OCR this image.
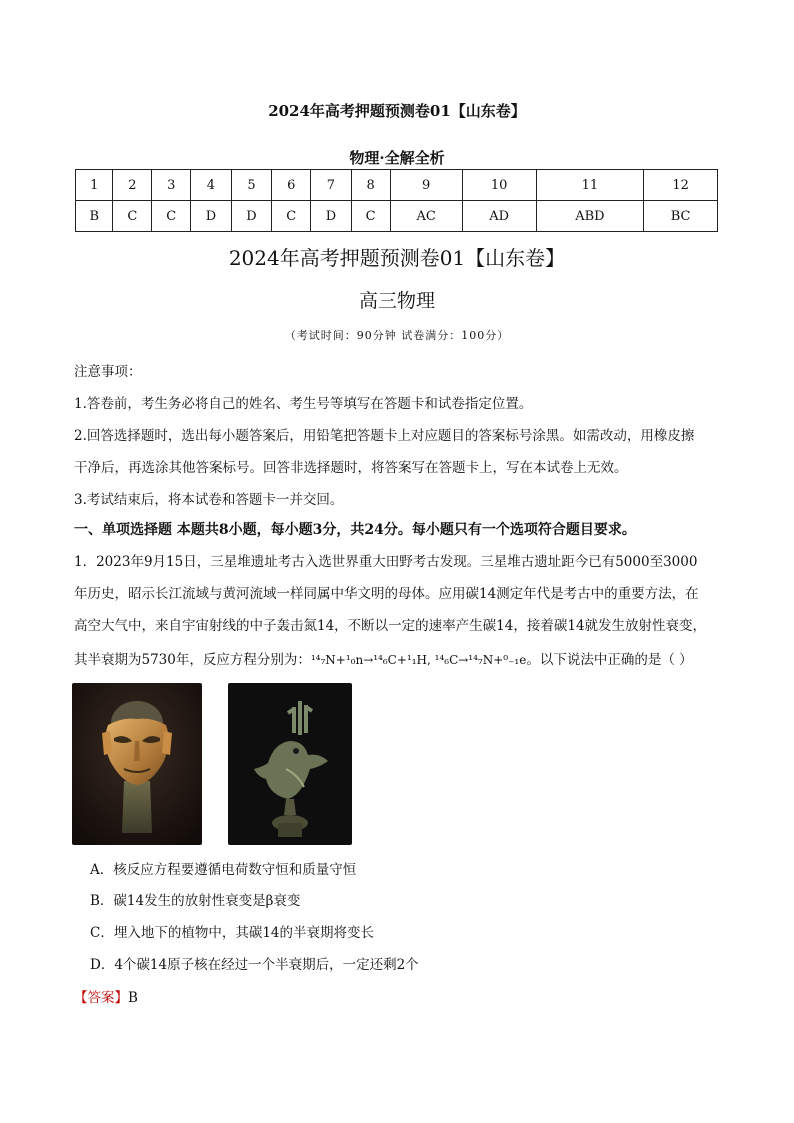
2024年高考押题预测卷01【山东卷】
物理·全解全析
1	2	3	4	5	6	7	8	9	10	11	12
B	C	C	D	D	C	D	C	AC	AD	ABD	BC
2024年高考押题预测卷01【山东卷】
高三物理
（考试时间：90分钟 试卷满分：100分）
注意事项：
1.答卷前，考生务必将自己的姓名、考生号等填写在答题卡和试卷指定位置。
2.回答选择题时，选出每小题答案后，用铅笔把答题卡上对应题目的答案标号涂黑。如需改动，用橡皮擦
干净后，再选涂其他答案标号。回答非选择题时，将答案写在答题卡上，写在本试卷上无效。
3.考试结束后，将本试卷和答题卡一并交回。
一、单项选择题 本题共8小题，每小题3分，共24分。每小题只有一个选项符合题目要求。
1．2023年9月15日，三星堆遗址考古入选世界重大田野考古发现。三星堆古遗址距今已有5000至3000
年历史，昭示长江流域与黄河流域一样同属中华文明的母体。应用碳14测定年代是考古中的重要方法，在
高空大气中，来自宇宙射线的中子轰击氮14，不断以一定的速率产生碳14，接着碳14就发生放射性衰变，
其半衰期为5730年，反应方程分别为：¹⁴₇N+¹₀n→¹⁴₆C+¹₁H, ¹⁴₆C→¹⁴₇N+⁰₋₁e。以下说法中正确的是（ ）
A．核反应方程要遵循电荷数守恒和质量守恒
B．碳14发生的放射性衰变是β衰变
C．埋入地下的植物中，其碳14的半衰期将变长
D．4个碳14原子核在经过一个半衰期后，一定还剩2个
【答案】B
